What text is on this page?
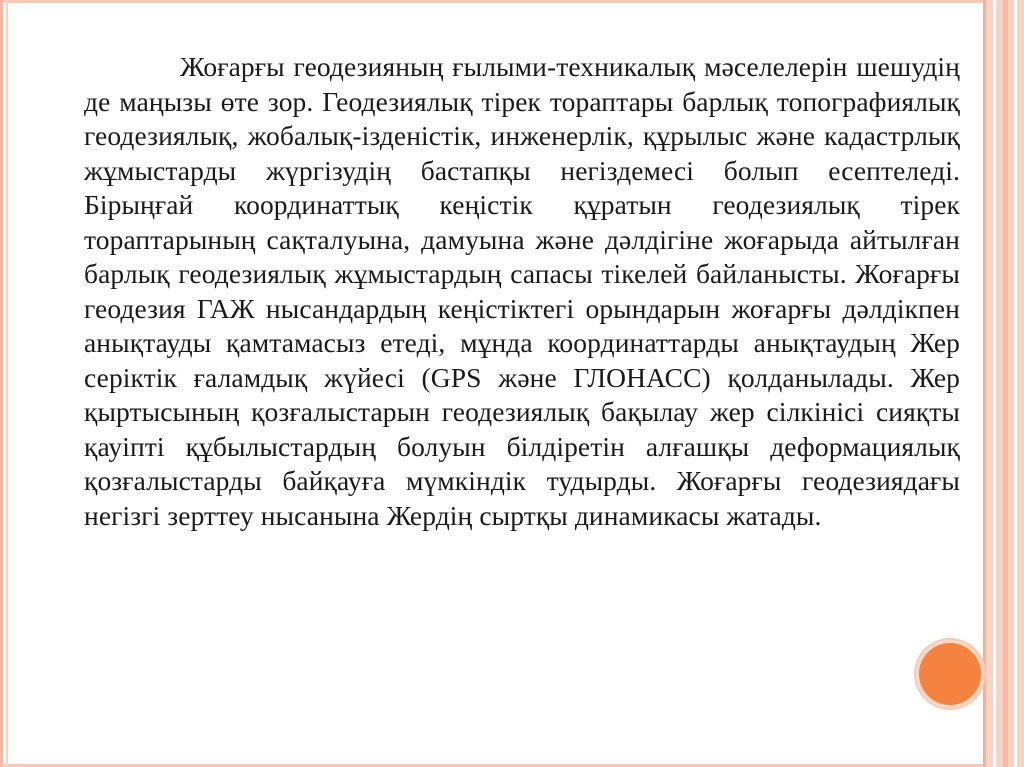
Жоғарғы геодезияның ғылыми-техникалық мәселелерін шешудің де маңызы өте зор. Геодезиялық тірек тораптары барлық топографиялық геодезиялық, жобалық-ізденістік, инженерлік, құрылыс және кадастрлық жұмыстарды жүргізудің бастапқы негіздемесі болып есептеледі. Бірыңғай координаттық кеңістік құратын геодезиялық тірек тораптарының сақталуына, дамуына және дәлдігіне жоғарыда айтылған барлық геодезиялық жұмыстардың сапасы тікелей байланысты. Жоғарғы геодезия ГАЖ нысандардың кеңістіктегі орындарын жоғарғы дәлдікпен анықтауды қамтамасыз етеді, мұнда координаттарды анықтаудың Жер серіктік ғаламдық жүйесі (GPS және ГЛОНАСС) қолданылады. Жер қыртысының қозғалыстарын геодезиялық бақылау жер сілкінісі сияқты қауіпті құбылыстардың болуын білдіретін алғашқы деформациялық қозғалыстарды байқауға мүмкіндік тудырды. Жоғарғы геодезиядағы негізгі зерттеу нысанына Жердің сыртқы динамикасы жатады.
